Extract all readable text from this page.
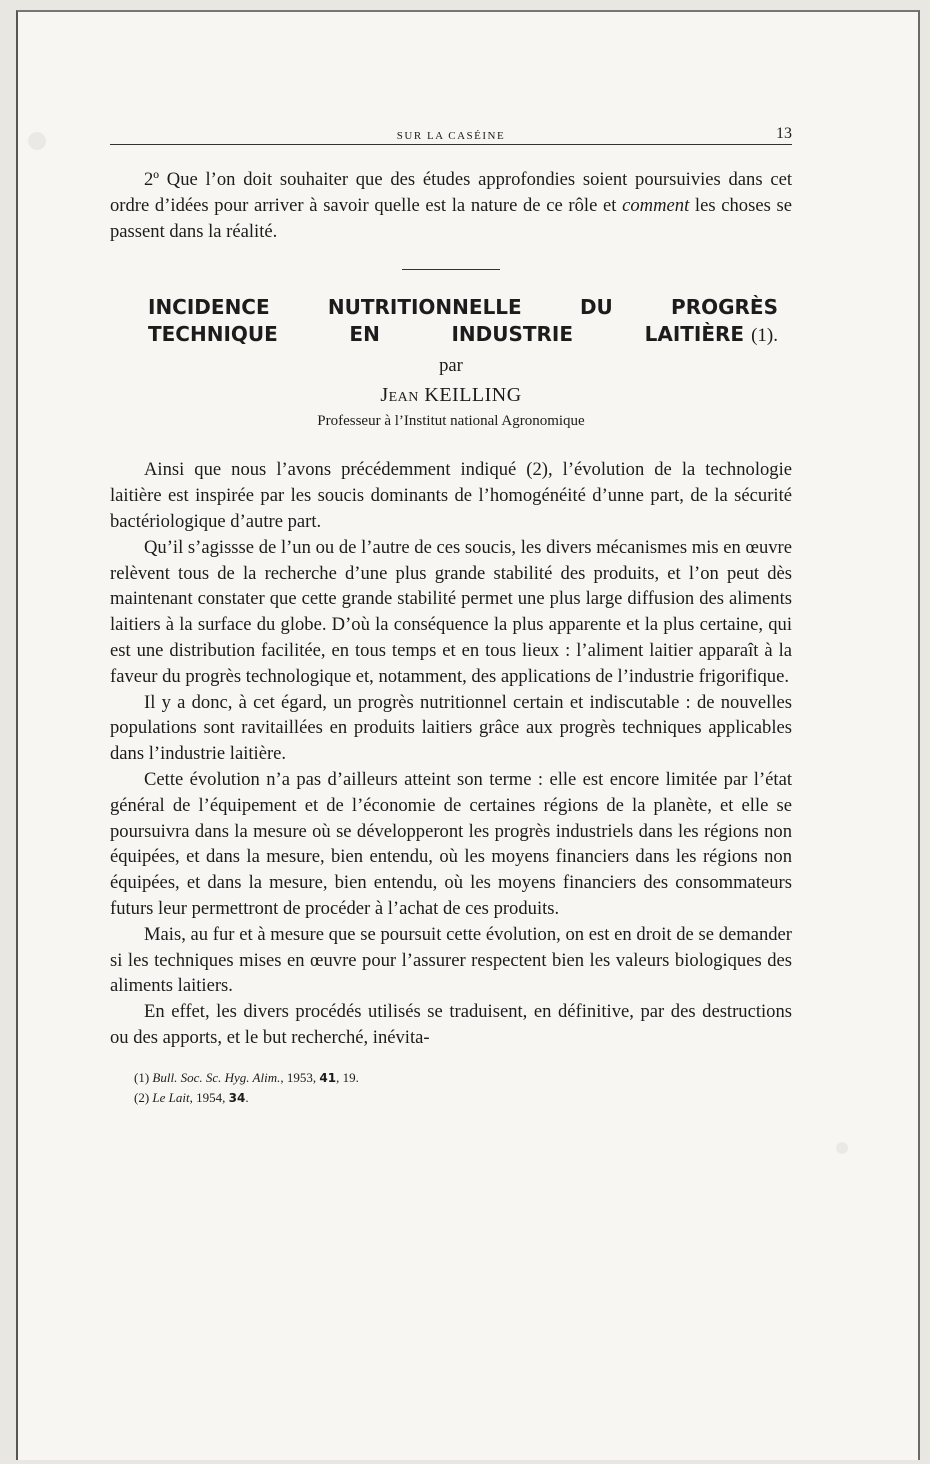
SUR LA CASÉINE	13

2º Que l’on doit souhaiter que des études approfondies soient poursuivies dans cet ordre d’idées pour arriver à savoir quelle est la nature de ce rôle et comment les choses se passent dans la réalité.

INCIDENCE	NUTRITIONNELLE	DU	PROGRÈS
TECHNIQUE	EN	INDUSTRIE	LAITIÈRE (1).
par
Jean KEILLING
Professeur à l’Institut national Agronomique

Ainsi que nous l’avons précédemment indiqué (2), l’évolution de la technologie laitière est inspirée par les soucis dominants de l’homogénéité d’unne part, de la sécurité bactériologique d’autre part.

Qu’il s’agissse de l’un ou de l’autre de ces soucis, les divers mécanismes mis en œuvre relèvent tous de la recherche d’une plus grande stabilité des produits, et l’on peut dès maintenant constater que cette grande stabilité permet une plus large diffusion des aliments laitiers à la surface du globe. D’où la conséquence la plus apparente et la plus certaine, qui est une distribution facilitée, en tous temps et en tous lieux : l’aliment laitier apparaît à la faveur du progrès technologique et, notamment, des applications de l’industrie frigorifique.

Il y a donc, à cet égard, un progrès nutritionnel certain et indiscutable : de nouvelles populations sont ravitaillées en produits laitiers grâce aux progrès techniques applicables dans l’industrie laitière.

Cette évolution n’a pas d’ailleurs atteint son terme : elle est encore limitée par l’état général de l’équipement et de l’économie de certaines régions de la planète, et elle se poursuivra dans la mesure où se développeront les progrès industriels dans les régions non équipées, et dans la mesure, bien entendu, où les moyens financiers dans les régions non équipées, et dans la mesure, bien entendu, où les moyens financiers des consommateurs futurs leur permettront de procéder à l’achat de ces produits.

Mais, au fur et à mesure que se poursuit cette évolution, on est en droit de se demander si les techniques mises en œuvre pour l’assurer respectent bien les valeurs biologiques des aliments laitiers.

En effet, les divers procédés utilisés se traduisent, en définitive, par des destructions ou des apports, et le but recherché, inévita-

(1) Bull. Soc. Sc. Hyg. Alim., 1953, 41, 19.
(2) Le Lait, 1954, 34.
